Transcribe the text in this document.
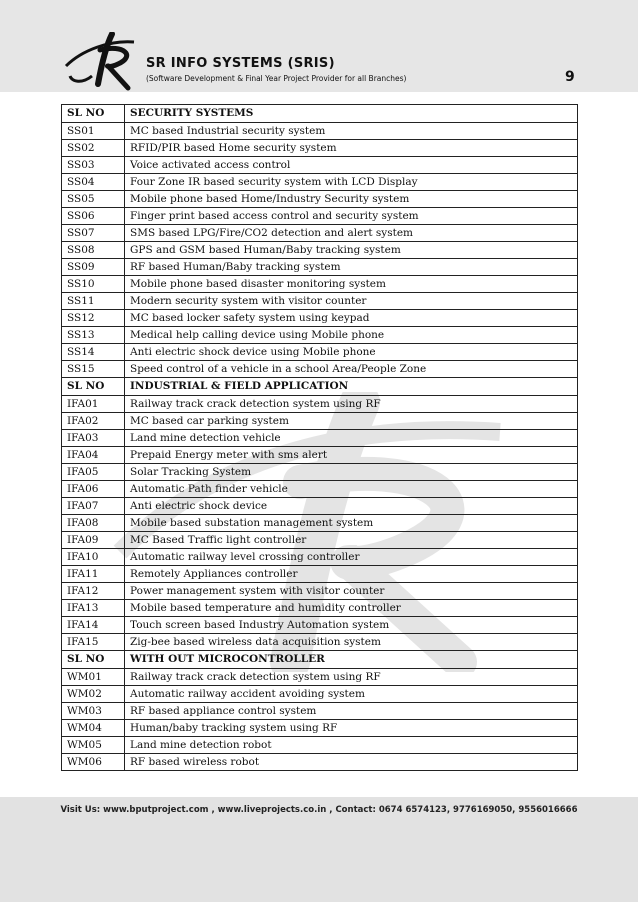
SR INFO SYSTEMS (SRIS)
(Software Development & Final Year Project Provider for all Branches)	9
SL NO	SECURITY SYSTEMS
SS01	MC based Industrial security system
SS02	RFID/PIR based Home security system
SS03	Voice activated access control
SS04	Four Zone IR based security system with LCD Display
SS05	Mobile phone based Home/Industry Security system
SS06	Finger print based access control and security system
SS07	SMS based LPG/Fire/CO2 detection and alert system
SS08	GPS and GSM based Human/Baby tracking system
SS09	RF based Human/Baby tracking system
SS10	Mobile phone based disaster monitoring system
SS11	Modern security system with visitor counter
SS12	MC based locker safety system using keypad
SS13	Medical help calling device using Mobile phone
SS14	Anti electric shock device using Mobile phone
SS15	Speed control of a vehicle in a school Area/People Zone
SL NO	INDUSTRIAL & FIELD APPLICATION
IFA01	Railway track crack detection system using RF
IFA02	MC based car parking system
IFA03	Land mine detection vehicle
IFA04	Prepaid Energy meter with sms alert
IFA05	Solar Tracking System
IFA06	Automatic Path finder vehicle
IFA07	Anti electric shock device
IFA08	Mobile based substation management system
IFA09	MC Based Traffic light controller
IFA10	Automatic railway level crossing controller
IFA11	Remotely Appliances controller
IFA12	Power management system with visitor counter
IFA13	Mobile based temperature and humidity controller
IFA14	Touch screen based Industry Automation system
IFA15	Zig-bee based wireless data acquisition system
SL NO	WITH OUT MICROCONTROLLER
WM01	Railway track crack detection system using RF
WM02	Automatic railway accident avoiding system
WM03	RF based appliance control system
WM04	Human/baby tracking system using RF
WM05	Land mine detection robot
WM06	RF based wireless robot
Visit Us: www.bputproject.com , www.liveprojects.co.in , Contact: 0674 6574123, 9776169050, 9556016666
